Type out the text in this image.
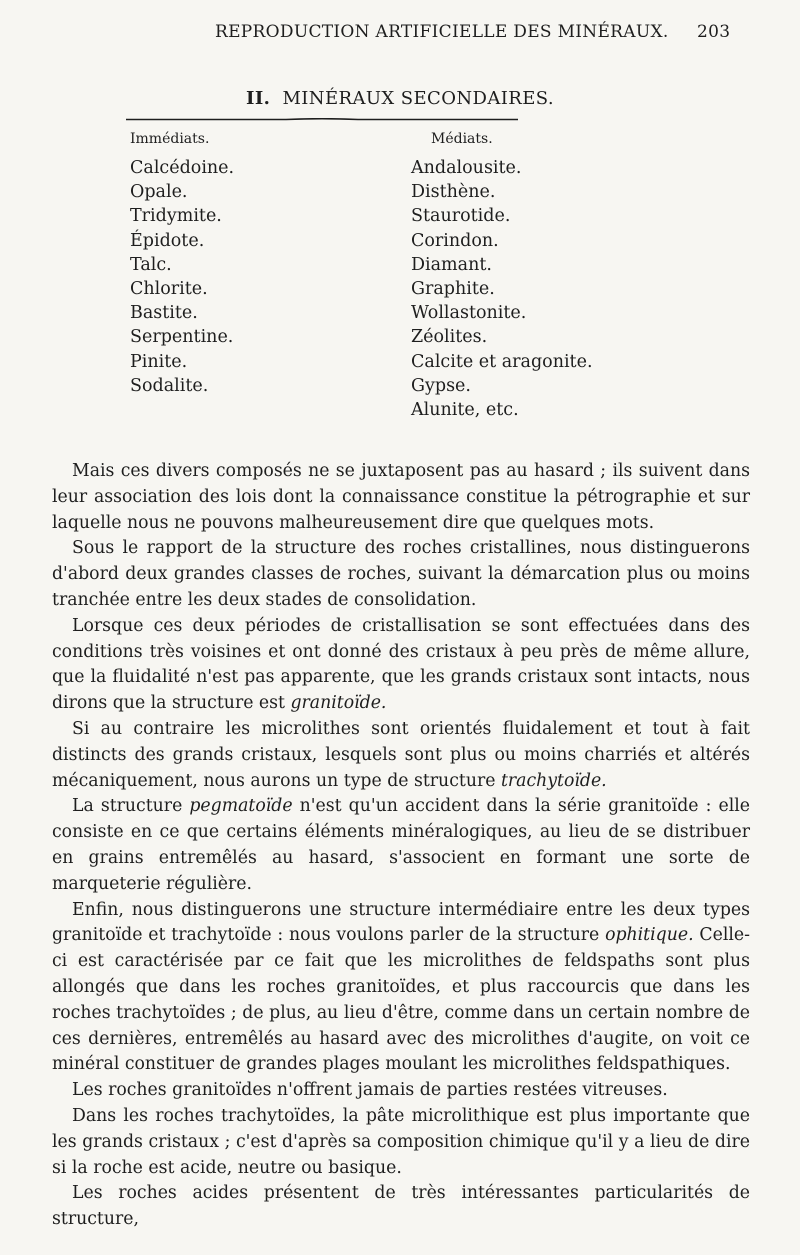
REPRODUCTION ARTIFICIELLE DES MINÉRAUX. 203
II. MINÉRAUX SECONDAIRES.
Immédiats.	Médiats.

Calcédoine.

Opale.

Tridymite.

Épidote.

Talc.

Chlorite.

Bastite.

Serpentine.

Pinite.

Sodalite.

Andalousite.

Disthène.

Staurotide.

Corindon.

Diamant.

Graphite.

Wollastonite.

Zéolites.

Calcite et aragonite.

Gypse.

Alunite, etc.

Mais ces divers composés ne se juxtaposent pas au hasard ; ils suivent dans leur association des lois dont la connaissance constitue la pétrographie et sur laquelle nous ne pouvons malheureusement dire que quelques mots.

Sous le rapport de la structure des roches cristallines, nous distinguerons d'abord deux grandes classes de roches, suivant la démarcation plus ou moins tranchée entre les deux stades de consolidation.

Lorsque ces deux périodes de cristallisation se sont effectuées dans des conditions très voisines et ont donné des cristaux à peu près de même allure, que la fluidalité n'est pas apparente, que les grands cristaux sont intacts, nous dirons que la structure est granitoïde.

Si au contraire les microlithes sont orientés fluidalement et tout à fait distincts des grands cristaux, lesquels sont plus ou moins charriés et altérés mécaniquement, nous aurons un type de structure trachytoïde.

La structure pegmatoïde n'est qu'un accident dans la série granitoïde : elle consiste en ce que certains éléments minéralogiques, au lieu de se distribuer en grains entremêlés au hasard, s'associent en formant une sorte de marqueterie régulière.

Enfin, nous distinguerons une structure intermédiaire entre les deux types granitoïde et trachytoïde : nous voulons parler de la structure ophitique. Celle-ci est caractérisée par ce fait que les microlithes de feldspaths sont plus allongés que dans les roches granitoïdes, et plus raccourcis que dans les roches trachytoïdes ; de plus, au lieu d'être, comme dans un certain nombre de ces dernières, entremêlés au hasard avec des microlithes d'augite, on voit ce minéral constituer de grandes plages moulant les microlithes feldspathiques.

Les roches granitoïdes n'offrent jamais de parties restées vitreuses.

Dans les roches trachytoïdes, la pâte microlithique est plus importante que les grands cristaux ; c'est d'après sa composition chimique qu'il y a lieu de dire si la roche est acide, neutre ou basique.

Les roches acides présentent de très intéressantes particularités de structure,
